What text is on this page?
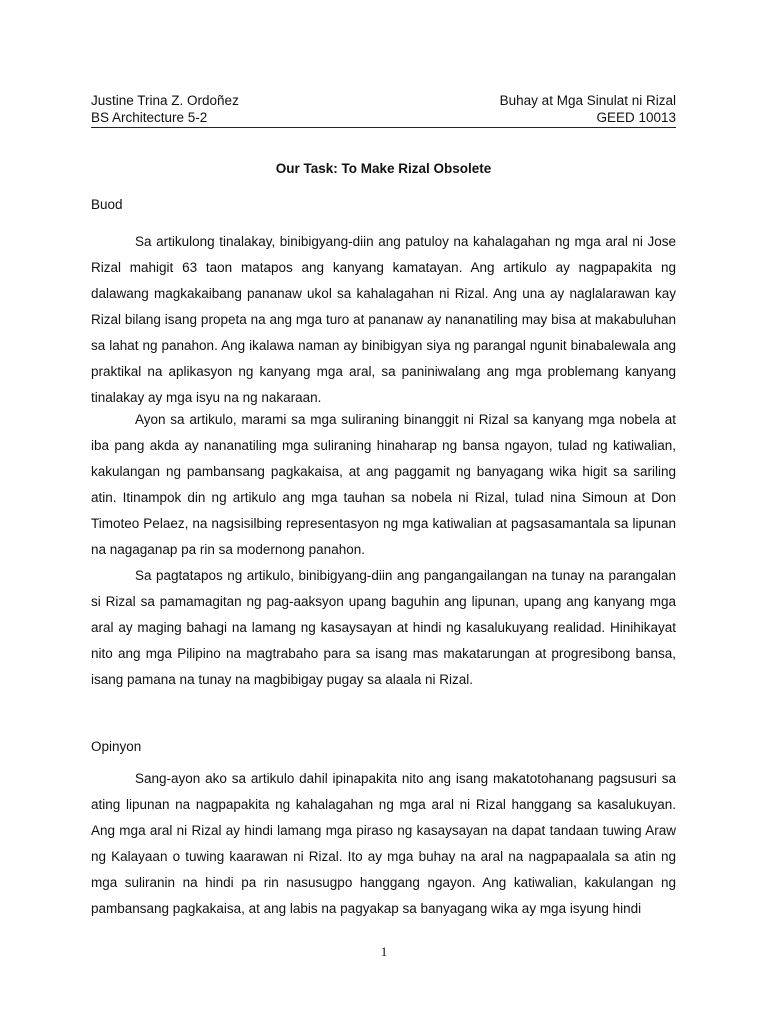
Justine Trina Z. Ordoñez	Buhay at Mga Sinulat ni Rizal
BS Architecture 5-2	GEED 10013
Our Task: To Make Rizal Obsolete
Buod

Sa artikulong tinalakay, binibigyang-diin ang patuloy na kahalagahan ng mga aral ni Jose Rizal mahigit 63 taon matapos ang kanyang kamatayan. Ang artikulo ay nagpapakita ng dalawang magkakaibang pananaw ukol sa kahalagahan ni Rizal. Ang una ay naglalarawan kay Rizal bilang isang propeta na ang mga turo at pananaw ay nananatiling may bisa at makabuluhan sa lahat ng panahon. Ang ikalawa naman ay binibigyan siya ng parangal ngunit binabalewala ang praktikal na aplikasyon ng kanyang mga aral, sa paniniwalang ang mga problemang kanyang tinalakay ay mga isyu na ng nakaraan.

Ayon sa artikulo, marami sa mga suliraning binanggit ni Rizal sa kanyang mga nobela at iba pang akda ay nananatiling mga suliraning hinaharap ng bansa ngayon, tulad ng katiwalian, kakulangan ng pambansang pagkakaisa, at ang paggamit ng banyagang wika higit sa sariling atin. Itinampok din ng artikulo ang mga tauhan sa nobela ni Rizal, tulad nina Simoun at Don Timoteo Pelaez, na nagsisilbing representasyon ng mga katiwalian at pagsasamantala sa lipunan na nagaganap pa rin sa modernong panahon.

Sa pagtatapos ng artikulo, binibigyang-diin ang pangangailangan na tunay na parangalan si Rizal sa pamamagitan ng pag-aaksyon upang baguhin ang lipunan, upang ang kanyang mga aral ay maging bahagi na lamang ng kasaysayan at hindi ng kasalukuyang realidad. Hinihikayat nito ang mga Pilipino na magtrabaho para sa isang mas makatarungan at progresibong bansa, isang pamana na tunay na magbibigay pugay sa alaala ni Rizal.

Opinyon

Sang-ayon ako sa artikulo dahil ipinapakita nito ang isang makatotohanang pagsusuri sa ating lipunan na nagpapakita ng kahalagahan ng mga aral ni Rizal hanggang sa kasalukuyan. Ang mga aral ni Rizal ay hindi lamang mga piraso ng kasaysayan na dapat tandaan tuwing Araw ng Kalayaan o tuwing kaarawan ni Rizal. Ito ay mga buhay na aral na nagpapaalala sa atin ng mga suliranin na hindi pa rin nasusugpo hanggang ngayon. Ang katiwalian, kakulangan ng pambansang pagkakaisa, at ang labis na pagyakap sa banyagang wika ay mga isyung hindi

1
